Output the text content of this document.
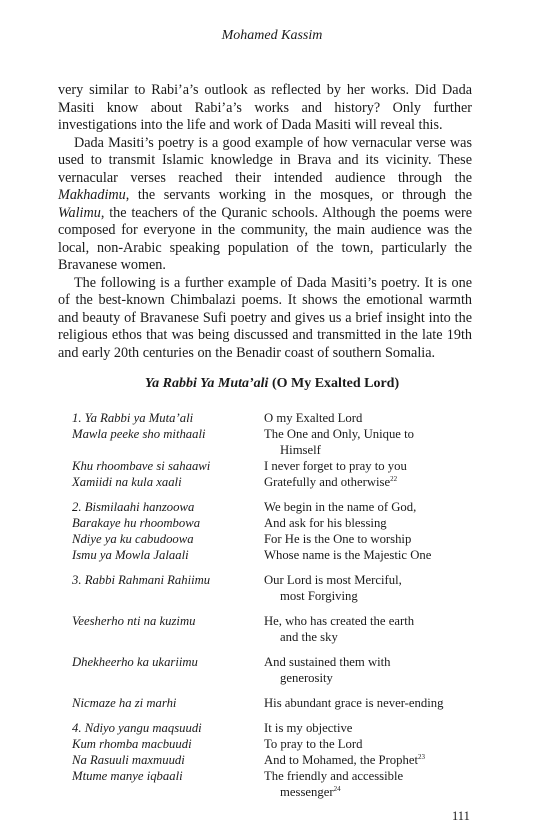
Mohamed Kassim

very similar to Rabi’a’s outlook as reflected by her works. Did Dada Masiti know about Rabi’a’s works and history? Only further investigations into the life and work of Dada Masiti will reveal this.

Dada Masiti’s poetry is a good example of how vernacular verse was used to transmit Islamic knowledge in Brava and its vicinity. These vernacular verses reached their intended audience through the Makhadimu, the servants working in the mosques, or through the Walimu, the teachers of the Quranic schools. Although the poems were composed for everyone in the community, the main audience was the local, non-Arabic speaking population of the town, particularly the Bravanese women.

The following is a further example of Dada Masiti’s poetry. It is one of the best-known Chimbalazi poems. It shows the emotional warmth and beauty of Bravanese Sufi poetry and gives us a brief insight into the religious ethos that was being discussed and transmitted in the late 19th and early 20th centuries on the Benadir coast of southern Somalia.

Ya Rabbi Ya Muta’ali (O My Exalted Lord)
1. Ya Rabbi ya Muta’ali	O my Exalted Lord
Mawla peeke sho mithaali	The One and Only, Unique to
Himself
Khu rhoombave si sahaawi	I never forget to pray to you
Xamiidi na kula xaali	Gratefully and otherwise$^{22}$
2. Bismilaahi hanzoowa	We begin in the name of God,
Barakaye hu rhoombowa	And ask for his blessing
Ndiye ya ku cabudoowa	For He is the One to worship
Ismu ya Mowla Jalaali	Whose name is the Majestic One
3. Rabbi Rahmani Rahiimu	Our Lord is most Merciful,
most Forgiving
Veesherho nti na kuzimu	He, who has created the earth
and the sky
Dhekheerho ka ukariimu	And sustained them with
generosity
Nicmaze ha zi marhi	His abundant grace is never-ending
4. Ndiyo yangu maqsuudi	It is my objective
Kum rhomba macbuudi	To pray to the Lord
Na Rasuuli maxmuudi	And to Mohamed, the Prophet$^{23}$
Mtume manye iqbaali	The friendly and accessible
messenger$^{24}$
111
